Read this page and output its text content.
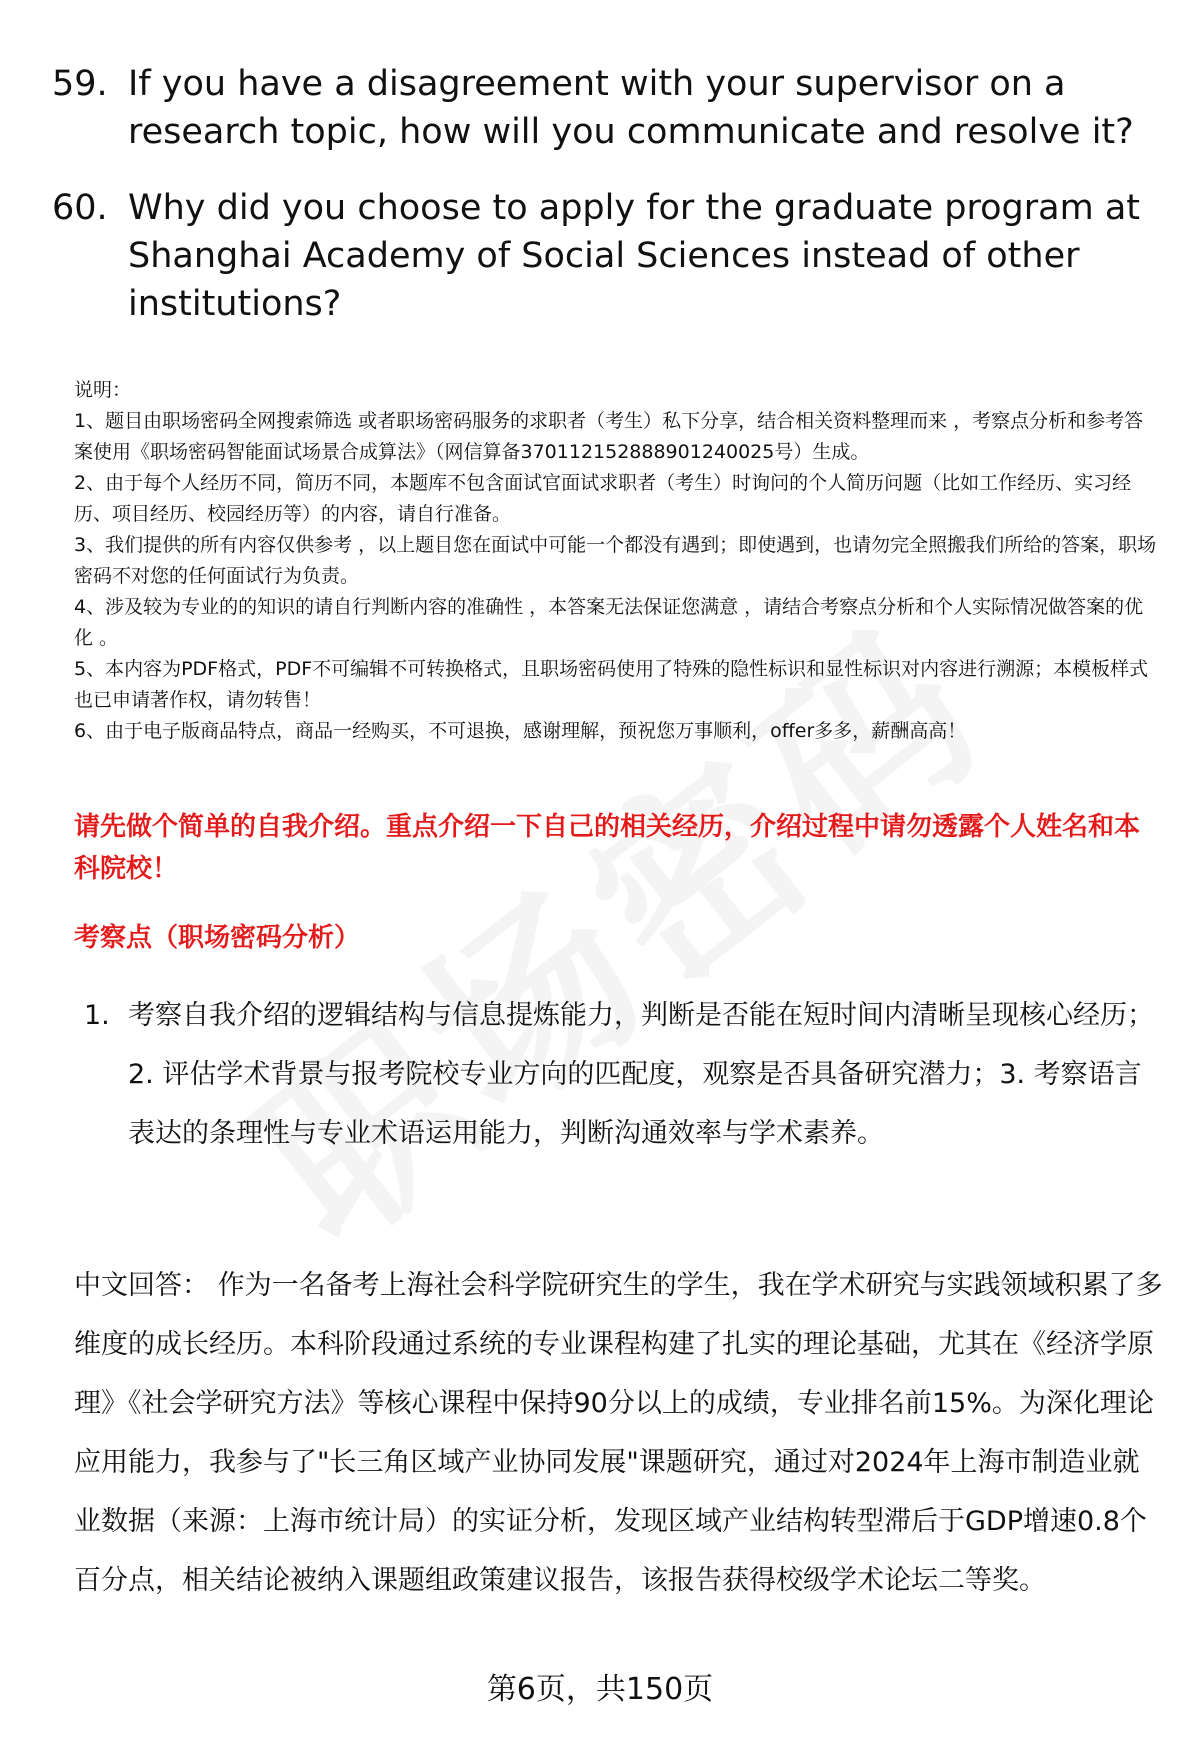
59. If you have a disagreement with your supervisor on a research topic, how will you communicate and resolve it?
60. Why did you choose to apply for the graduate program at Shanghai Academy of Social Sciences instead of other institutions?

说明：

1、题目由职场密码全网搜索筛选 或者职场密码服务的求职者（考生）私下分享，结合相关资料整理而来 ，考察点分析和参考答案使用《职场密码智能面试场景合成算法》（网信算备370112152888901240025号）生成。

2、由于每个人经历不同，简历不同，本题库不包含面试官面试求职者（考生）时询问的个人简历问题（比如工作经历、实习经历、项目经历、校园经历等）的内容，请自行准备。

3、我们提供的所有内容仅供参考 ，以上题目您在面试中可能一个都没有遇到；即使遇到，也请勿完全照搬我们所给的答案，职场密码不对您的任何面试行为负责。

4、涉及较为专业的的知识的请自行判断内容的准确性 ，本答案无法保证您满意 ，请结合考察点分析和个人实际情况做答案的优化 。

5、本内容为PDF格式，PDF不可编辑不可转换格式，且职场密码使用了特殊的隐性标识和显性标识对内容进行溯源；本模板样式也已申请著作权，请勿转售！

6、由于电子版商品特点，商品一经购买，不可退换，感谢理解，预祝您万事顺利，offer多多，薪酬高高！

请先做个简单的自我介绍。重点介绍一下自己的相关经历，介绍过程中请勿透露个人姓名和本科院校！
考察点（职场密码分析）
1. 考察自我介绍的逻辑结构与信息提炼能力，判断是否能在短时间内清晰呈现核心经历；2. 评估学术背景与报考院校专业方向的匹配度，观察是否具备研究潜力；3. 考察语言表达的条理性与专业术语运用能力，判断沟通效率与学术素养。

中文回答： 作为一名备考上海社会科学院研究生的学生，我在学术研究与实践领域积累了多维度的成长经历。本科阶段通过系统的专业课程构建了扎实的理论基础，尤其在《经济学原理》《社会学研究方法》等核心课程中保持90分以上的成绩，专业排名前15%。为深化理论应用能力，我参与了"长三角区域产业协同发展"课题研究，通过对2024年上海市制造业就业数据（来源：上海市统计局）的实证分析，发现区域产业结构转型滞后于GDP增速0.8个百分点，相关结论被纳入课题组政策建议报告，该报告获得校级学术论坛二等奖。

第6页，共150页
